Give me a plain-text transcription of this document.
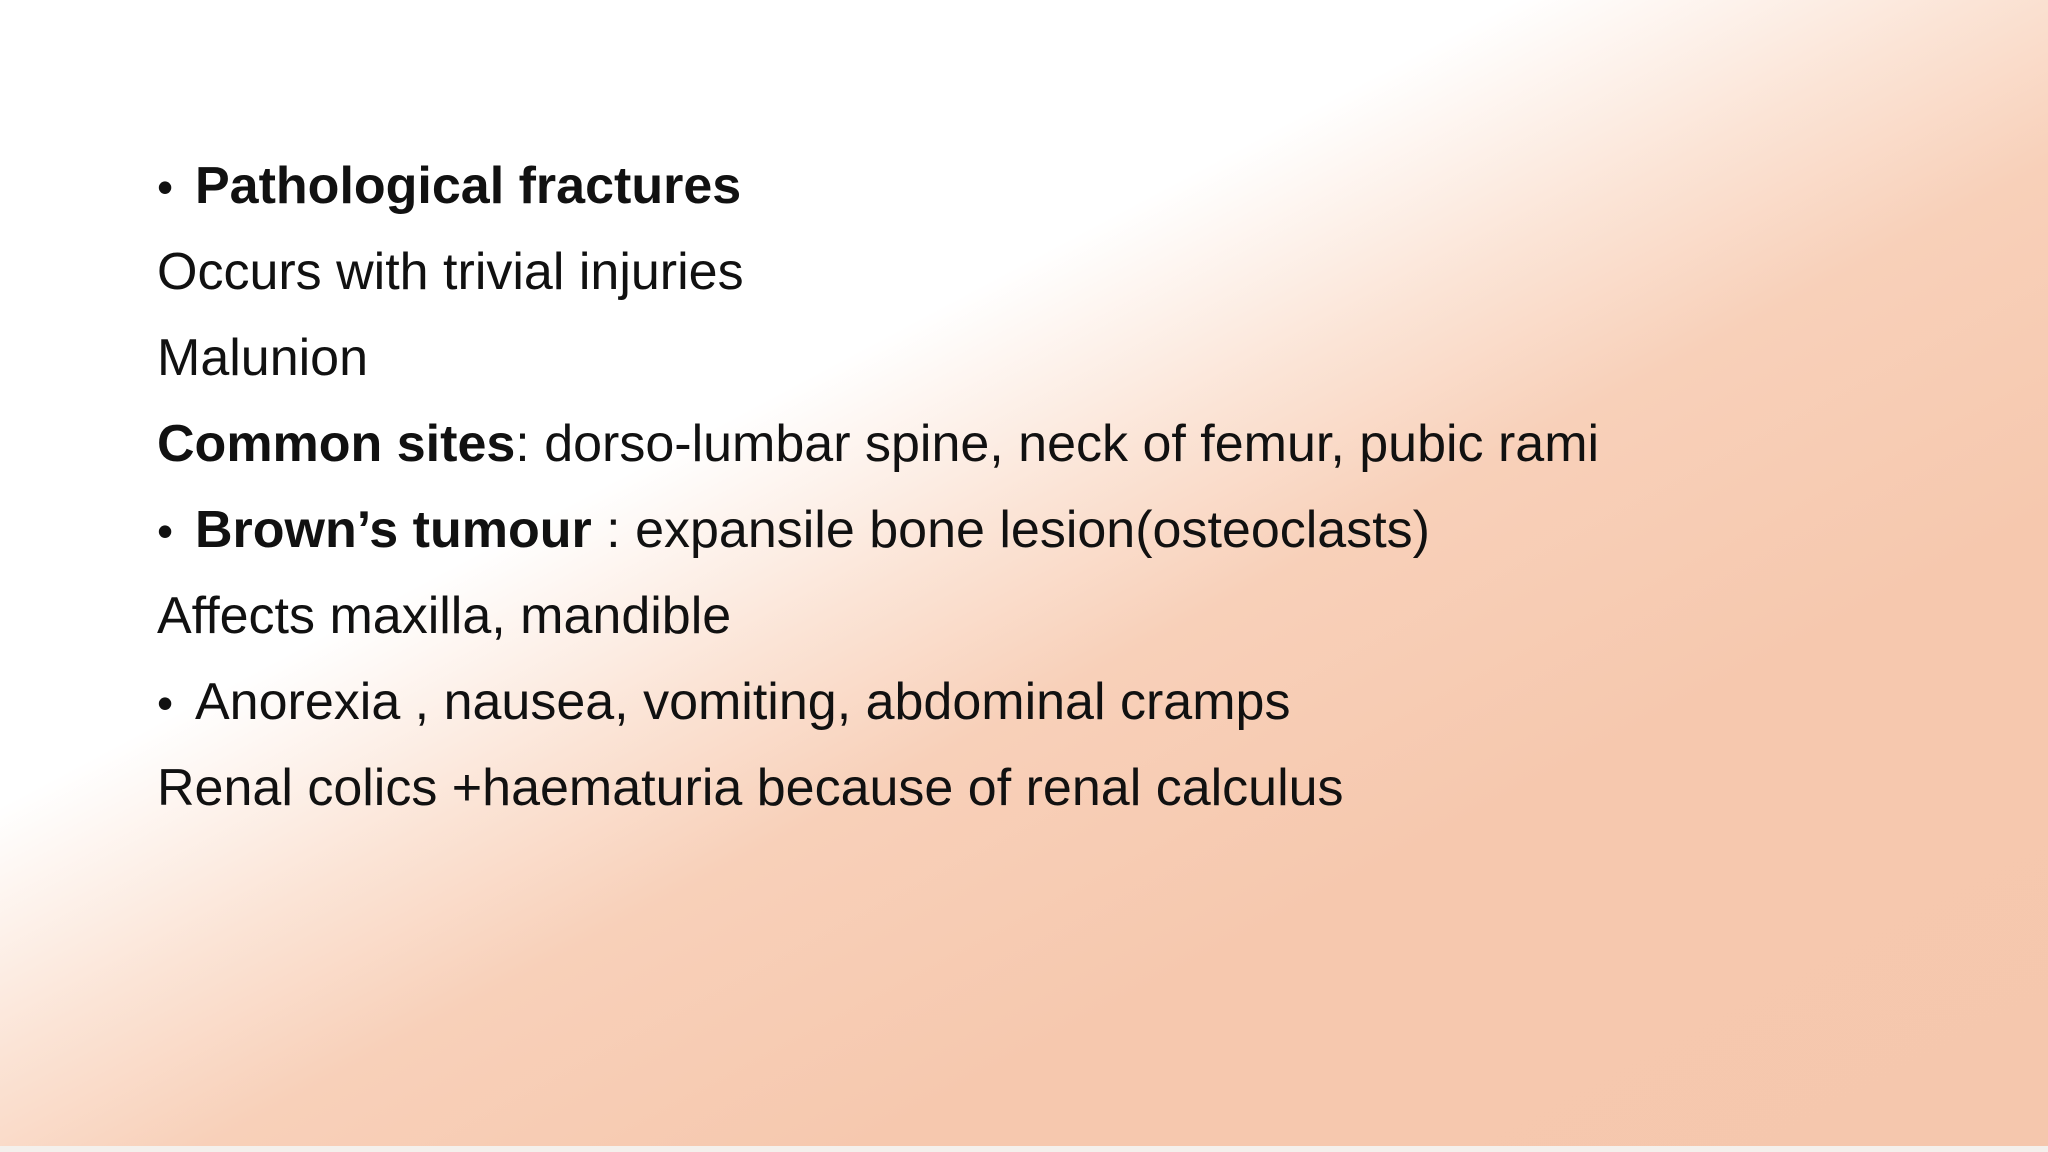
• Pathological fractures
Occurs with trivial injuries
Malunion
Common sites: dorso-lumbar spine, neck of femur, pubic rami
• Brown’s tumour : expansile bone lesion(osteoclasts)
Affects maxilla, mandible
• Anorexia , nausea, vomiting, abdominal cramps
Renal colics +haematuria because of renal calculus
